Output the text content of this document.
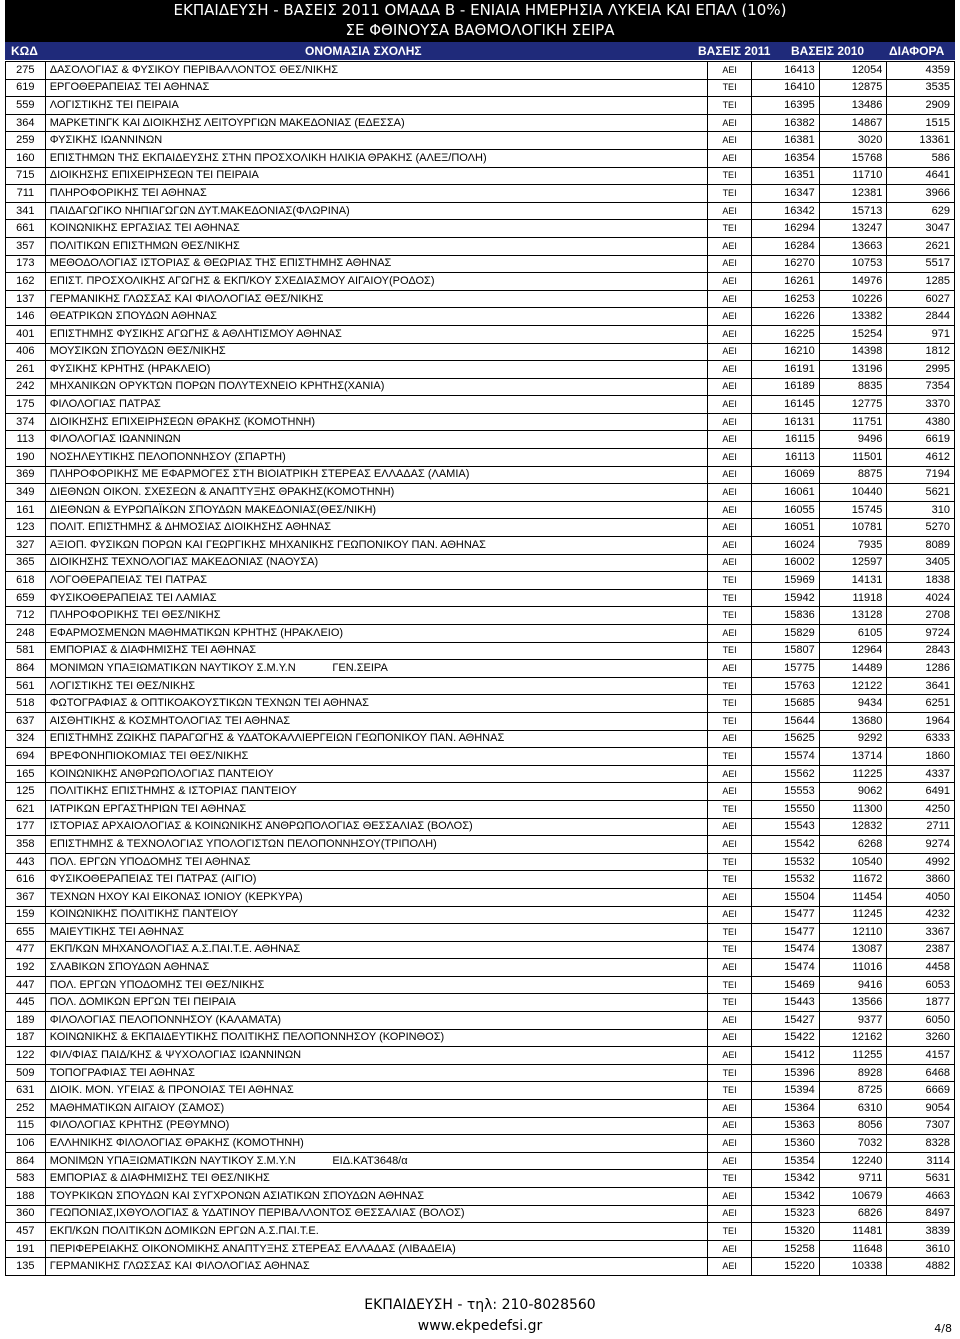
ΕΚΠΑΙΔΕΥΣΗ - ΒΑΣΕΙΣ 2011 ΟΜΑΔΑ Β - ΕΝΙΑΙΑ ΗΜΕΡΗΣΙΑ ΛΥΚΕΙΑ ΚΑΙ ΕΠΑΛ (10%)
ΣΕ ΦΘΙΝΟΥΣΑ ΒΑΘΜΟΛΟΓΙΚΗ ΣΕΙΡΑ
ΚΩΔ	ΟΝΟΜΑΣΙΑ ΣΧΟΛΗΣ	ΒΑΣΕΙΣ 2011 ΒΑΣΕΙΣ 2010 ΔΙΑΦΟΡΑ
275	ΔΑΣΟΛΟΓΙΑΣ & ΦΥΣΙΚΟΥ ΠΕΡΙΒΑΛΛΟΝΤΟΣ ΘΕΣ/ΝΙΚΗΣ	ΑΕΙ	16413	12054	4359
619	ΕΡΓΟΘΕΡΑΠΕΙΑΣ ΤΕΙ ΑΘΗΝΑΣ	ΤΕΙ	16410	12875	3535
559	ΛΟΓΙΣΤΙΚΗΣ ΤΕΙ ΠΕΙΡΑΙΑ	ΤΕΙ	16395	13486	2909
364	ΜΑΡΚΕΤΙΝΓΚ ΚΑΙ ΔΙΟΙΚΗΣΗΣ ΛΕΙΤΟΥΡΓΙΩΝ ΜΑΚΕΔΟΝΙΑΣ (ΕΔΕΣΣΑ)	ΑΕΙ	16382	14867	1515
259	ΦΥΣΙΚΗΣ ΙΩΑΝΝΙΝΩΝ	ΑΕΙ	16381	3020	13361
160	ΕΠΙΣΤΗΜΩΝ ΤΗΣ ΕΚΠΑΙΔΕΥΣΗΣ ΣΤΗΝ ΠΡΟΣΧΟΛΙΚΗ ΗΛΙΚΙΑ ΘΡΑΚΗΣ (ΑΛΕΞ/ΠΟΛΗ)	ΑΕΙ	16354	15768	586
715	ΔΙΟΙΚΗΣΗΣ ΕΠΙΧΕΙΡΗΣΕΩΝ ΤΕΙ ΠΕΙΡΑΙΑ	ΤΕΙ	16351	11710	4641
711	ΠΛΗΡΟΦΟΡΙΚΗΣ ΤΕΙ ΑΘΗΝΑΣ	ΤΕΙ	16347	12381	3966
341	ΠΑΙΔΑΓΩΓΙΚΟ ΝΗΠΙΑΓΩΓΩΝ ΔΥΤ.ΜΑΚΕΔΟΝΙΑΣ(ΦΛΩΡΙΝΑ)	ΑΕΙ	16342	15713	629
661	ΚΟΙΝΩΝΙΚΗΣ ΕΡΓΑΣΙΑΣ ΤΕΙ ΑΘΗΝΑΣ	ΤΕΙ	16294	13247	3047
357	ΠΟΛΙΤΙΚΩΝ ΕΠΙΣΤΗΜΩΝ ΘΕΣ/ΝΙΚΗΣ	ΑΕΙ	16284	13663	2621
173	ΜΕΘΟΔΟΛΟΓΙΑΣ ΙΣΤΟΡΙΑΣ & ΘΕΩΡΙΑΣ ΤΗΣ ΕΠΙΣΤΗΜΗΣ ΑΘΗΝΑΣ	ΑΕΙ	16270	10753	5517
162	ΕΠΙΣΤ. ΠΡΟΣΧΟΛΙΚΗΣ ΑΓΩΓΗΣ & ΕΚΠ/ΚΟΥ ΣΧΕΔΙΑΣΜΟΥ ΑΙΓΑΙΟΥ(ΡΟΔΟΣ)	ΑΕΙ	16261	14976	1285
137	ΓΕΡΜΑΝΙΚΗΣ ΓΛΩΣΣΑΣ ΚΑΙ ΦΙΛΟΛΟΓΙΑΣ ΘΕΣ/ΝΙΚΗΣ	ΑΕΙ	16253	10226	6027
146	ΘΕΑΤΡΙΚΩΝ ΣΠΟΥΔΩΝ ΑΘΗΝΑΣ	ΑΕΙ	16226	13382	2844
401	ΕΠΙΣΤΗΜΗΣ ΦΥΣΙΚΗΣ ΑΓΩΓΗΣ & ΑΘΛΗΤΙΣΜΟΥ ΑΘΗΝΑΣ	ΑΕΙ	16225	15254	971
406	ΜΟΥΣΙΚΩΝ ΣΠΟΥΔΩΝ ΘΕΣ/ΝΙΚΗΣ	ΑΕΙ	16210	14398	1812
261	ΦΥΣΙΚΗΣ ΚΡΗΤΗΣ (ΗΡΑΚΛΕΙΟ)	ΑΕΙ	16191	13196	2995
242	ΜΗΧΑΝΙΚΩΝ ΟΡΥΚΤΩΝ ΠΟΡΩΝ ΠΟΛΥΤΕΧΝΕΙΟ ΚΡΗΤΗΣ(ΧΑΝΙΑ)	ΑΕΙ	16189	8835	7354
175	ΦΙΛΟΛΟΓΙΑΣ ΠΑΤΡΑΣ	ΑΕΙ	16145	12775	3370
374	ΔΙΟΙΚΗΣΗΣ ΕΠΙΧΕΙΡΗΣΕΩΝ ΘΡΑΚΗΣ (ΚΟΜΟΤΗΝΗ)	ΑΕΙ	16131	11751	4380
113	ΦΙΛΟΛΟΓΙΑΣ ΙΩΑΝΝΙΝΩΝ	ΑΕΙ	16115	9496	6619
190	ΝΟΣΗΛΕΥΤΙΚΗΣ ΠΕΛΟΠΟΝΝΗΣΟΥ (ΣΠΑΡΤΗ)	ΑΕΙ	16113	11501	4612
369	ΠΛΗΡΟΦΟΡΙΚΗΣ ΜΕ ΕΦΑΡΜΟΓΕΣ ΣΤΗ ΒΙΟΙΑΤΡΙΚΗ ΣΤΕΡΕΑΣ ΕΛΛΑΔΑΣ (ΛΑΜΙΑ)	ΑΕΙ	16069	8875	7194
349	ΔΙΕΘΝΩΝ ΟΙΚΟΝ. ΣΧΕΣΕΩΝ & ΑΝΑΠΤΥΞΗΣ ΘΡΑΚΗΣ(ΚΟΜΟΤΗΝΗ)	ΑΕΙ	16061	10440	5621
161	ΔΙΕΘΝΩΝ & ΕΥΡΩΠΑΪΚΩΝ ΣΠΟΥΔΩΝ ΜΑΚΕΔΟΝΙΑΣ(ΘΕΣ/ΝΙΚΗ)	ΑΕΙ	16055	15745	310
123	ΠΟΛΙΤ. ΕΠΙΣΤΗΜΗΣ & ΔΗΜΟΣΙΑΣ ΔΙΟΙΚΗΣΗΣ ΑΘΗΝΑΣ	ΑΕΙ	16051	10781	5270
327	ΑΞΙΟΠ. ΦΥΣΙΚΩΝ ΠΟΡΩΝ ΚΑΙ ΓΕΩΡΓΙΚΗΣ ΜΗΧΑΝΙΚΗΣ ΓΕΩΠΟΝΙΚΟΥ ΠΑΝ. ΑΘΗΝΑΣ	ΑΕΙ	16024	7935	8089
365	ΔΙΟΙΚΗΣΗΣ ΤΕΧΝΟΛΟΓΙΑΣ ΜΑΚΕΔΟΝΙΑΣ (ΝΑΟΥΣΑ)	ΑΕΙ	16002	12597	3405
618	ΛΟΓΟΘΕΡΑΠΕΙΑΣ ΤΕΙ ΠΑΤΡΑΣ	ΤΕΙ	15969	14131	1838
659	ΦΥΣΙΚΟΘΕΡΑΠΕΙΑΣ ΤΕΙ ΛΑΜΙΑΣ	ΤΕΙ	15942	11918	4024
712	ΠΛΗΡΟΦΟΡΙΚΗΣ ΤΕΙ ΘΕΣ/ΝΙΚΗΣ	ΤΕΙ	15836	13128	2708
248	ΕΦΑΡΜΟΣΜΕΝΩΝ ΜΑΘΗΜΑΤΙΚΩΝ ΚΡΗΤΗΣ (ΗΡΑΚΛΕΙΟ)	ΑΕΙ	15829	6105	9724
581	ΕΜΠΟΡΙΑΣ & ΔΙΑΦΗΜΙΣΗΣ ΤΕΙ ΑΘΗΝΑΣ	ΤΕΙ	15807	12964	2843
864	ΜΟΝΙΜΩΝ ΥΠΑΞΙΩΜΑΤΙΚΩΝ ΝΑΥΤΙΚΟΥ Σ.Μ.Υ.Ν            ΓΕΝ.ΣΕΙΡΑ	ΑΕΙ	15775	14489	1286
561	ΛΟΓΙΣΤΙΚΗΣ ΤΕΙ ΘΕΣ/ΝΙΚΗΣ	ΤΕΙ	15763	12122	3641
518	ΦΩΤΟΓΡΑΦΙΑΣ & ΟΠΤΙΚΟΑΚΟΥΣΤΙΚΩΝ ΤΕΧΝΩΝ ΤΕΙ ΑΘΗΝΑΣ	ΤΕΙ	15685	9434	6251
637	ΑΙΣΘΗΤΙΚΗΣ & ΚΟΣΜΗΤΟΛΟΓΙΑΣ ΤΕΙ ΑΘΗΝΑΣ	ΤΕΙ	15644	13680	1964
324	ΕΠΙΣΤΗΜΗΣ ΖΩΙΚΗΣ ΠΑΡΑΓΩΓΗΣ & ΥΔΑΤΟΚΑΛΛΙΕΡΓΕΙΩΝ ΓΕΩΠΟΝΙΚΟΥ ΠΑΝ. ΑΘΗΝΑΣ	ΑΕΙ	15625	9292	6333
694	ΒΡΕΦΟΝΗΠΙΟΚΟΜΙΑΣ ΤΕΙ ΘΕΣ/ΝΙΚΗΣ	ΤΕΙ	15574	13714	1860
165	ΚΟΙΝΩΝΙΚΗΣ ΑΝΘΡΩΠΟΛΟΓΙΑΣ ΠΑΝΤΕΙΟΥ	ΑΕΙ	15562	11225	4337
125	ΠΟΛΙΤΙΚΗΣ ΕΠΙΣΤΗΜΗΣ & ΙΣΤΟΡΙΑΣ ΠΑΝΤΕΙΟΥ	ΑΕΙ	15553	9062	6491
621	ΙΑΤΡΙΚΩΝ ΕΡΓΑΣΤΗΡΙΩΝ ΤΕΙ ΑΘΗΝΑΣ	ΤΕΙ	15550	11300	4250
177	ΙΣΤΟΡΙΑΣ ΑΡΧΑΙΟΛΟΓΙΑΣ & ΚΟΙΝΩΝΙΚΗΣ ΑΝΘΡΩΠΟΛΟΓΙΑΣ ΘΕΣΣΑΛΙΑΣ (ΒΟΛΟΣ)	ΑΕΙ	15543	12832	2711
358	ΕΠΙΣΤΗΜΗΣ & ΤΕΧΝΟΛΟΓΙΑΣ ΥΠΟΛΟΓΙΣΤΩΝ ΠΕΛΟΠΟΝΝΗΣΟΥ(ΤΡΙΠΟΛΗ)	ΑΕΙ	15542	6268	9274
443	ΠΟΛ. ΕΡΓΩΝ ΥΠΟΔΟΜΗΣ ΤΕΙ ΑΘΗΝΑΣ	ΤΕΙ	15532	10540	4992
616	ΦΥΣΙΚΟΘΕΡΑΠΕΙΑΣ ΤΕΙ ΠΑΤΡΑΣ (ΑΙΓΙΟ)	ΤΕΙ	15532	11672	3860
367	ΤΕΧΝΩΝ ΗΧΟΥ ΚΑΙ ΕΙΚΟΝΑΣ ΙΟΝΙΟΥ (ΚΕΡΚΥΡΑ)	ΑΕΙ	15504	11454	4050
159	ΚΟΙΝΩΝΙΚΗΣ ΠΟΛΙΤΙΚΗΣ ΠΑΝΤΕΙΟΥ	ΑΕΙ	15477	11245	4232
655	ΜΑΙΕΥΤΙΚΗΣ ΤΕΙ ΑΘΗΝΑΣ	ΤΕΙ	15477	12110	3367
477	ΕΚΠ/ΚΩΝ ΜΗΧΑΝΟΛΟΓΙΑΣ Α.Σ.ΠΑΙ.Τ.Ε. ΑΘΗΝΑΣ	ΤΕΙ	15474	13087	2387
192	ΣΛΑΒΙΚΩΝ ΣΠΟΥΔΩΝ ΑΘΗΝΑΣ	ΑΕΙ	15474	11016	4458
447	ΠΟΛ. ΕΡΓΩΝ ΥΠΟΔΟΜΗΣ ΤΕΙ ΘΕΣ/ΝΙΚΗΣ	ΤΕΙ	15469	9416	6053
445	ΠΟΛ. ΔΟΜΙΚΩΝ ΕΡΓΩΝ ΤΕΙ ΠΕΙΡΑΙΑ	ΤΕΙ	15443	13566	1877
189	ΦΙΛΟΛΟΓΙΑΣ ΠΕΛΟΠΟΝΝΗΣΟΥ (ΚΑΛΑΜΑΤΑ)	ΑΕΙ	15427	9377	6050
187	ΚΟΙΝΩΝΙΚΗΣ & ΕΚΠΑΙΔΕΥΤΙΚΗΣ ΠΟΛΙΤΙΚΗΣ ΠΕΛΟΠΟΝΝΗΣΟΥ (ΚΟΡΙΝΘΟΣ)	ΑΕΙ	15422	12162	3260
122	ΦΙΛ/ΦΙΑΣ ΠΑΙΔ/ΚΗΣ & ΨΥΧΟΛΟΓΙΑΣ ΙΩΑΝΝΙΝΩΝ	ΑΕΙ	15412	11255	4157
509	ΤΟΠΟΓΡΑΦΙΑΣ ΤΕΙ ΑΘΗΝΑΣ	ΤΕΙ	15396	8928	6468
631	ΔΙΟΙΚ. ΜΟΝ. ΥΓΕΙΑΣ & ΠΡΟΝΟΙΑΣ ΤΕΙ ΑΘΗΝΑΣ	ΤΕΙ	15394	8725	6669
252	ΜΑΘΗΜΑΤΙΚΩΝ ΑΙΓΑΙΟΥ (ΣΑΜΟΣ)	ΑΕΙ	15364	6310	9054
115	ΦΙΛΟΛΟΓΙΑΣ ΚΡΗΤΗΣ (ΡΕΘΥΜΝΟ)	ΑΕΙ	15363	8056	7307
106	ΕΛΛΗΝΙΚΗΣ ΦΙΛΟΛΟΓΙΑΣ ΘΡΑΚΗΣ (ΚΟΜΟΤΗΝΗ)	ΑΕΙ	15360	7032	8328
864	ΜΟΝΙΜΩΝ ΥΠΑΞΙΩΜΑΤΙΚΩΝ ΝΑΥΤΙΚΟΥ Σ.Μ.Υ.Ν            ΕΙΔ.ΚΑΤ3648/α	ΑΕΙ	15354	12240	3114
583	ΕΜΠΟΡΙΑΣ & ΔΙΑΦΗΜΙΣΗΣ ΤΕΙ ΘΕΣ/ΝΙΚΗΣ	ΤΕΙ	15342	9711	5631
188	ΤΟΥΡΚΙΚΩΝ ΣΠΟΥΔΩΝ ΚΑΙ ΣΥΓΧΡΟΝΩΝ ΑΣΙΑΤΙΚΩΝ ΣΠΟΥΔΩΝ ΑΘΗΝΑΣ	ΑΕΙ	15342	10679	4663
360	ΓΕΩΠΟΝΙΑΣ,ΙΧΘΥΟΛΟΓΙΑΣ & ΥΔΑΤΙΝΟΥ ΠΕΡΙΒΑΛΛΟΝΤΟΣ ΘΕΣΣΑΛΙΑΣ (ΒΟΛΟΣ)	ΑΕΙ	15323	6826	8497
457	ΕΚΠ/ΚΩΝ ΠΟΛΙΤΙΚΩΝ ΔΟΜΙΚΩΝ ΕΡΓΩΝ Α.Σ.ΠΑΙ.Τ.Ε.	ΤΕΙ	15320	11481	3839
191	ΠΕΡΙΦΕΡΕΙΑΚΗΣ ΟΙΚΟΝΟΜΙΚΗΣ ΑΝΑΠΤΥΞΗΣ ΣΤΕΡΕΑΣ ΕΛΛΑΔΑΣ (ΛΙΒΑΔΕΙΑ)	ΑΕΙ	15258	11648	3610
135	ΓΕΡΜΑΝΙΚΗΣ ΓΛΩΣΣΑΣ ΚΑΙ ΦΙΛΟΛΟΓΙΑΣ ΑΘΗΝΑΣ	ΑΕΙ	15220	10338	4882
ΕΚΠΑΙΔΕΥΣΗ - τηλ: 210-8028560
www.ekpedefsi.gr	4/8
